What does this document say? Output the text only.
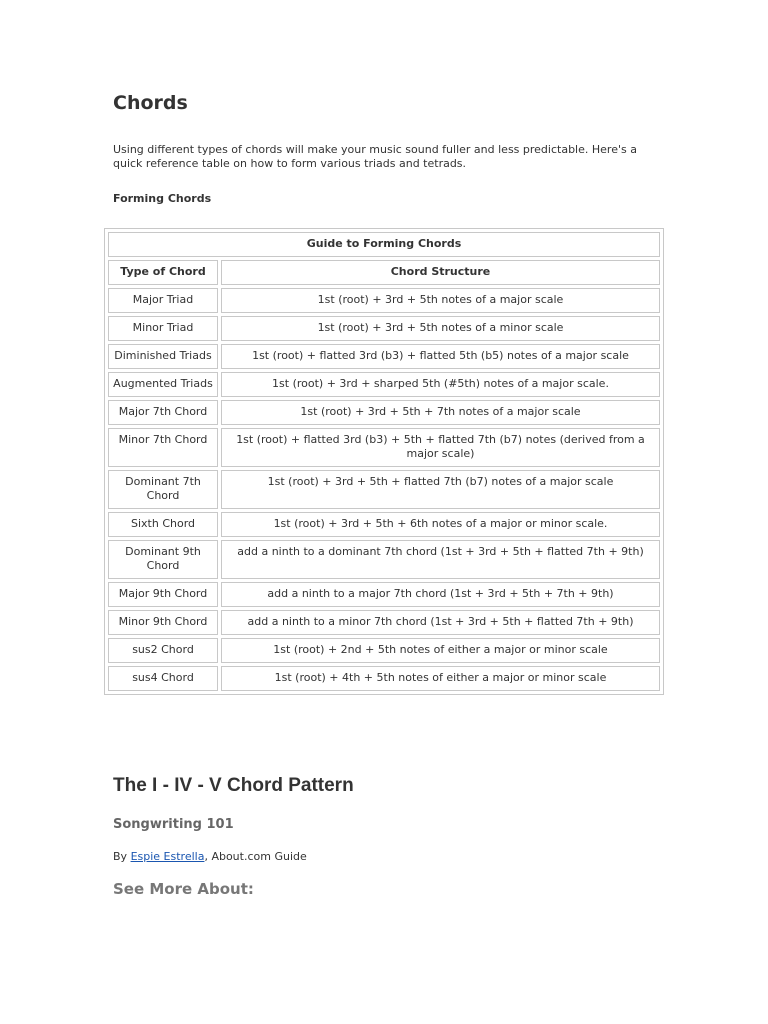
Chords

Using different types of chords will make your music sound fuller and less predictable. Here's a quick reference table on how to form various triads and tetrads.

Forming Chords

Guide to Forming Chords	
Type of Chord	Chord Structure
Major Triad	1st (root) + 3rd + 5th notes of a major scale
Minor Triad	1st (root) + 3rd + 5th notes of a minor scale
Diminished Triads	1st (root) + flatted 3rd (b3) + flatted 5th (b5) notes of a major scale
Augmented Triads	1st (root) + 3rd + sharped 5th (#5th) notes of a major scale.
Major 7th Chord	1st (root) + 3rd + 5th + 7th notes of a major scale
Minor 7th Chord	1st (root) + flatted 3rd (b3) + 5th + flatted 7th (b7) notes (derived from a major scale)
Dominant 7th Chord	1st (root) + 3rd + 5th + flatted 7th (b7) notes of a major scale
Sixth Chord	1st (root) + 3rd + 5th + 6th notes of a major or minor scale.
Dominant 9th Chord	add a ninth to a dominant 7th chord (1st + 3rd + 5th + flatted 7th + 9th)
Major 9th Chord	add a ninth to a major 7th chord (1st + 3rd + 5th + 7th + 9th)
Minor 9th Chord	add a ninth to a minor 7th chord (1st + 3rd + 5th + flatted 7th + 9th)
sus2 Chord	1st (root) + 2nd + 5th notes of either a major or minor scale
sus4 Chord	1st (root) + 4th + 5th notes of either a major or minor scale
The I - IV - V Chord Pattern

Songwriting 101

By Espie Estrella, About.com Guide

See More About:
